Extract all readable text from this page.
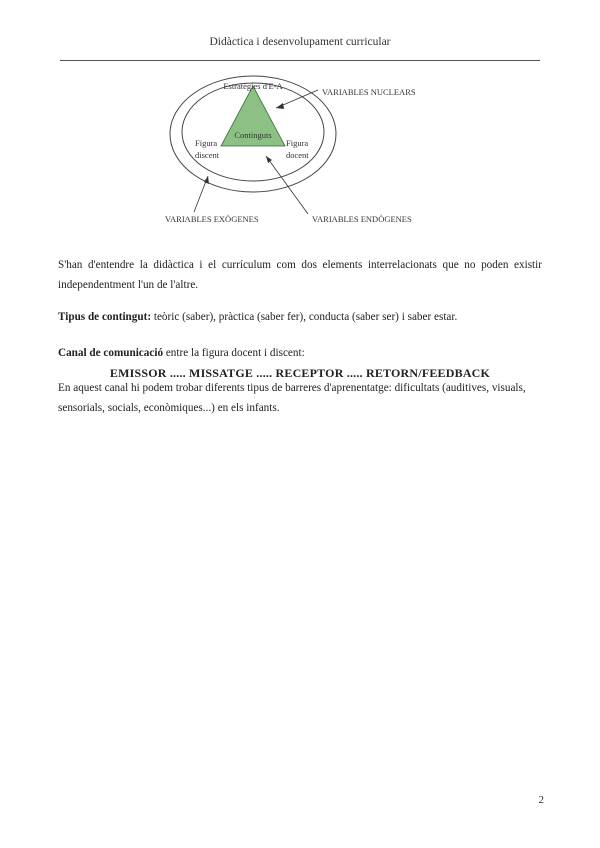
Didàctica i desenvolupament curricular
Estratègies d'E-A
Continguts
Figura
discent
Figura
docent
VARIABLES NUCLEARS
VARIABLES EXÒGENES	VARIABLES ENDÒGENES
S'han d'entendre la didàctica i el currículum com dos elements interrelacionats que no poden existir independentment l'un de l'altre.
Tipus de contingut: teòric (saber), pràctica (saber fer), conducta (saber ser) i saber estar.
Canal de comunicació entre la figura docent i discent:
EMISSOR ..... MISSATGE ..... RECEPTOR ..... RETORN/FEEDBACK
En aquest canal hi podem trobar diferents tipus de barreres d'aprenentatge: dificultats (auditives, visuals, sensorials, socials, econòmiques...) en els infants.
2
